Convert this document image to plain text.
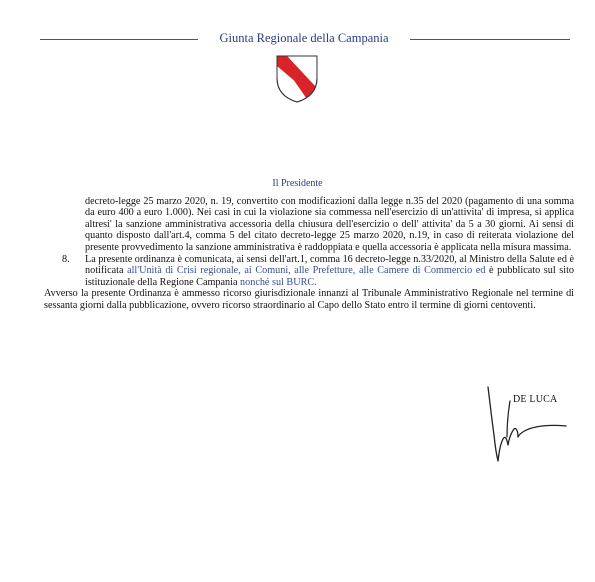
Giunta Regionale della Campania
Il Presidente
decreto-legge 25 marzo 2020, n. 19, convertito con modificazioni dalla legge n.35 del 2020 (pagamento di una somma da euro 400 a euro 1.000). Nei casi in cui la violazione sia commessa nell'esercizio di un'attivita' di impresa, si applica altresi' la sanzione amministrativa accessoria della chiusura dell'esercizio o dell' attivita' da 5 a 30 giorni. Ai sensi di quanto disposto dall'art.4, comma 5 del citato decreto-legge 25 marzo 2020, n.19, in caso di reiterata violazione del presente provvedimento la sanzione amministrativa è raddoppiata e quella accessoria è applicata nella misura massima.
8. La presente ordinanza è comunicata, ai sensi dell'art.1, comma 16 decreto-legge n.33/2020, al Ministro della Salute ed è notificata all'Unità di Crisi regionale, ai Comuni, alle Prefetture, alle Camere di Commercio ed è pubblicato sul sito istituzionale della Regione Campania nonché sul BURC.
Avverso la presente Ordinanza è ammesso ricorso giurisdizionale innanzi al Tribunale Amministrativo Regionale nel termine di sessanta giorni dalla pubblicazione, ovvero ricorso straordinario al Capo dello Stato entro il termine di giorni centoventi.
DE LUCA
